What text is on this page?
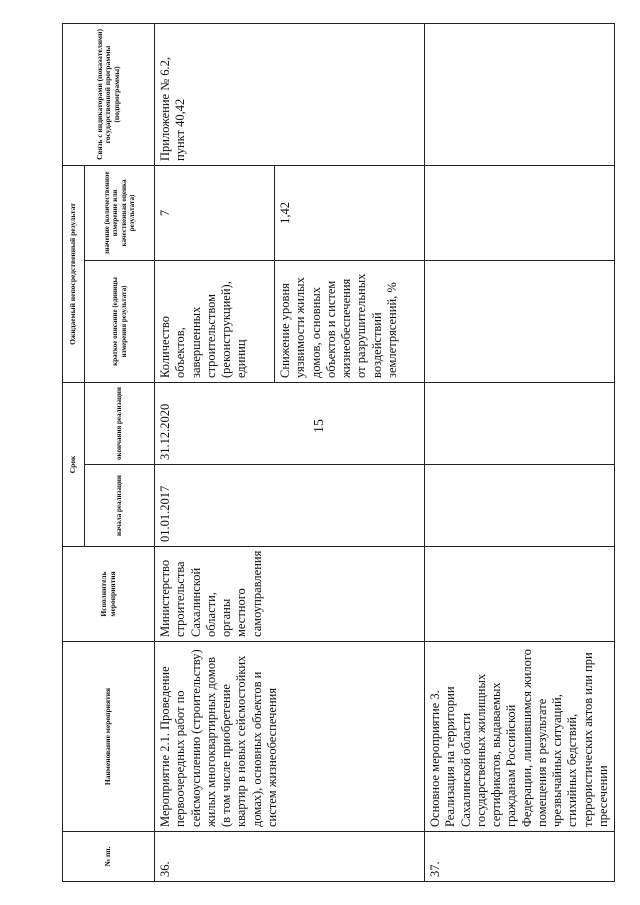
15
№ пп.	Наименование мероприятия	Исполнитель мероприятия	Срок		Ожидаемый непосредственный результат		Связь с индикаторами (показателями) государственной программы (подпрограммы)
			начала реализации	окончания реализации	краткое описание (единицы измерения результата)	значение (количественное измерение или качественная оценка результата)	
36.	Мероприятие 2.1. Проведение первоочередных работ по сейсмоусилению (строительству) жилых многоквартирных домов (в том числе приобретение квартир в новых сейсмостойких домах), основных объектов и систем жизнеобеспечения	Министерство строительства Сахалинской области, органы местного самоуправления	01.01.2017	31.12.2020	Количество объектов, завершенных строительством (реконструкцией), единиц	7	Приложение № 6.2, пункт 40,42
					Снижение уровня уязвимости жилых домов, основных объектов и систем жизнеобеспечения от разрушительных воздействий землетрясений, %	1,42	
37.	Основное мероприятие 3. Реализация на территории Сахалинской области государственных жилищных сертификатов, выдаваемых гражданам Российской Федерации, лишившимся жилого помещения в результате чрезвычайных ситуаций, стихийных бедствий, террористических актов или при пресечении						
